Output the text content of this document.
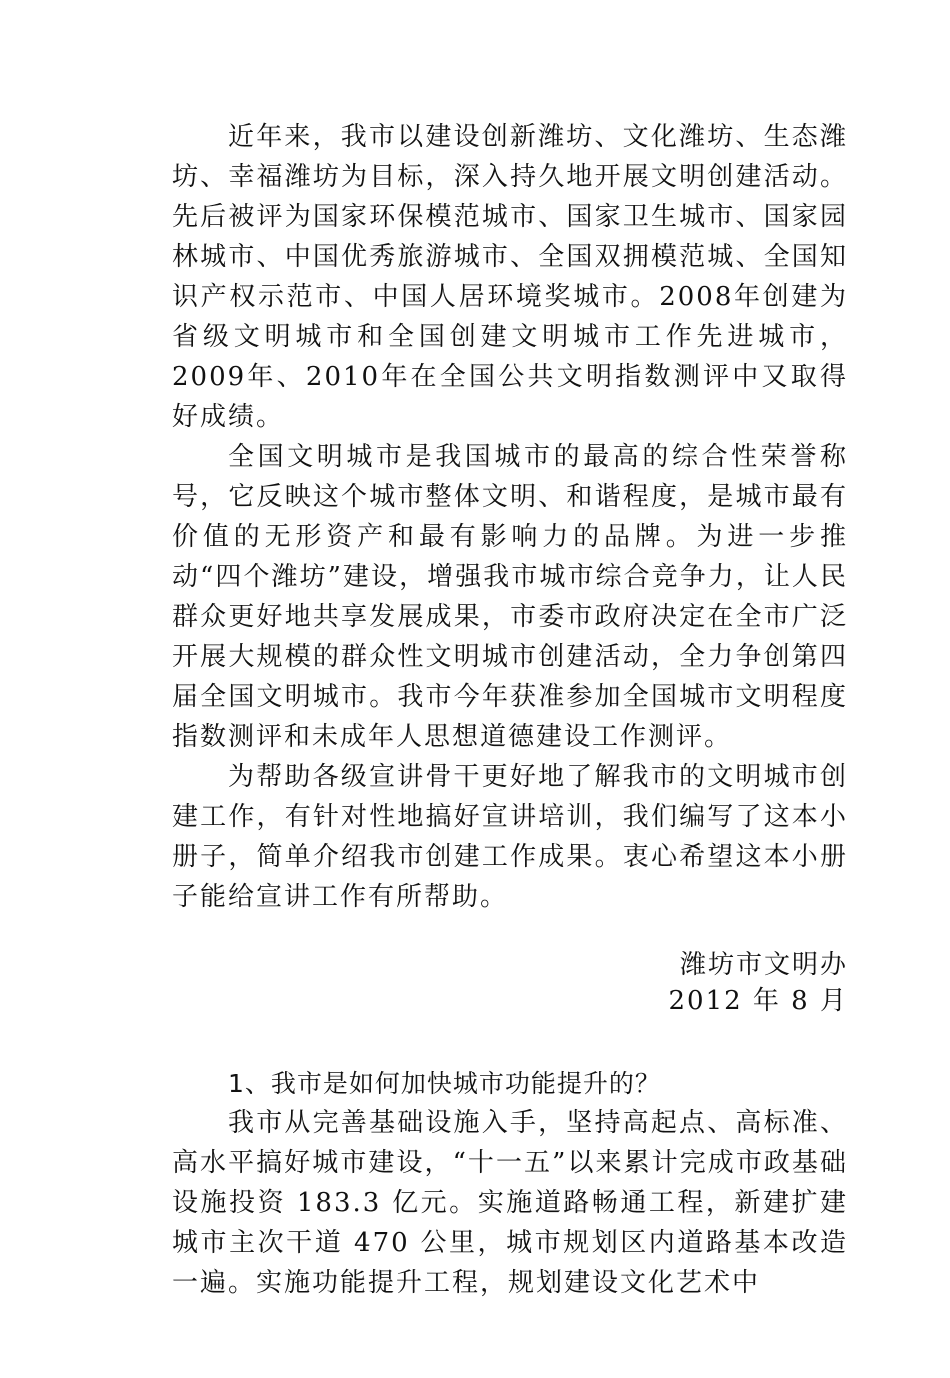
近年来，我市以建设创新潍坊、文化潍坊、生态潍坊、幸福潍坊为目标，深入持久地开展文明创建活动。先后被评为国家环保模范城市、国家卫生城市、国家园林城市、中国优秀旅游城市、全国双拥模范城、全国知识产权示范市、中国人居环境奖城市。2008年创建为省级文明城市和全国创建文明城市工作先进城市，2009年、2010年在全国公共文明指数测评中又取得好成绩。

全国文明城市是我国城市的最高的综合性荣誉称号，它反映这个城市整体文明、和谐程度，是城市最有价值的无形资产和最有影响力的品牌。为进一步推动“四个潍坊”建设，增强我市城市综合竞争力，让人民群众更好地共享发展成果，市委市政府决定在全市广泛开展大规模的群众性文明城市创建活动，全力争创第四届全国文明城市。我市今年获准参加全国城市文明程度指数测评和未成年人思想道德建设工作测评。

为帮助各级宣讲骨干更好地了解我市的文明城市创建工作，有针对性地搞好宣讲培训，我们编写了这本小册子，简单介绍我市创建工作成果。衷心希望这本小册子能给宣讲工作有所帮助。

潍坊市文明办
2012 年 8 月
1、我市是如何加快城市功能提升的？

我市从完善基础设施入手，坚持高起点、高标准、高水平搞好城市建设，“十一五”以来累计完成市政基础设施投资 183.3 亿元。实施道路畅通工程，新建扩建城市主次干道 470 公里，城市规划区内道路基本改造一遍。实施功能提升工程，规划建设文化艺术中
